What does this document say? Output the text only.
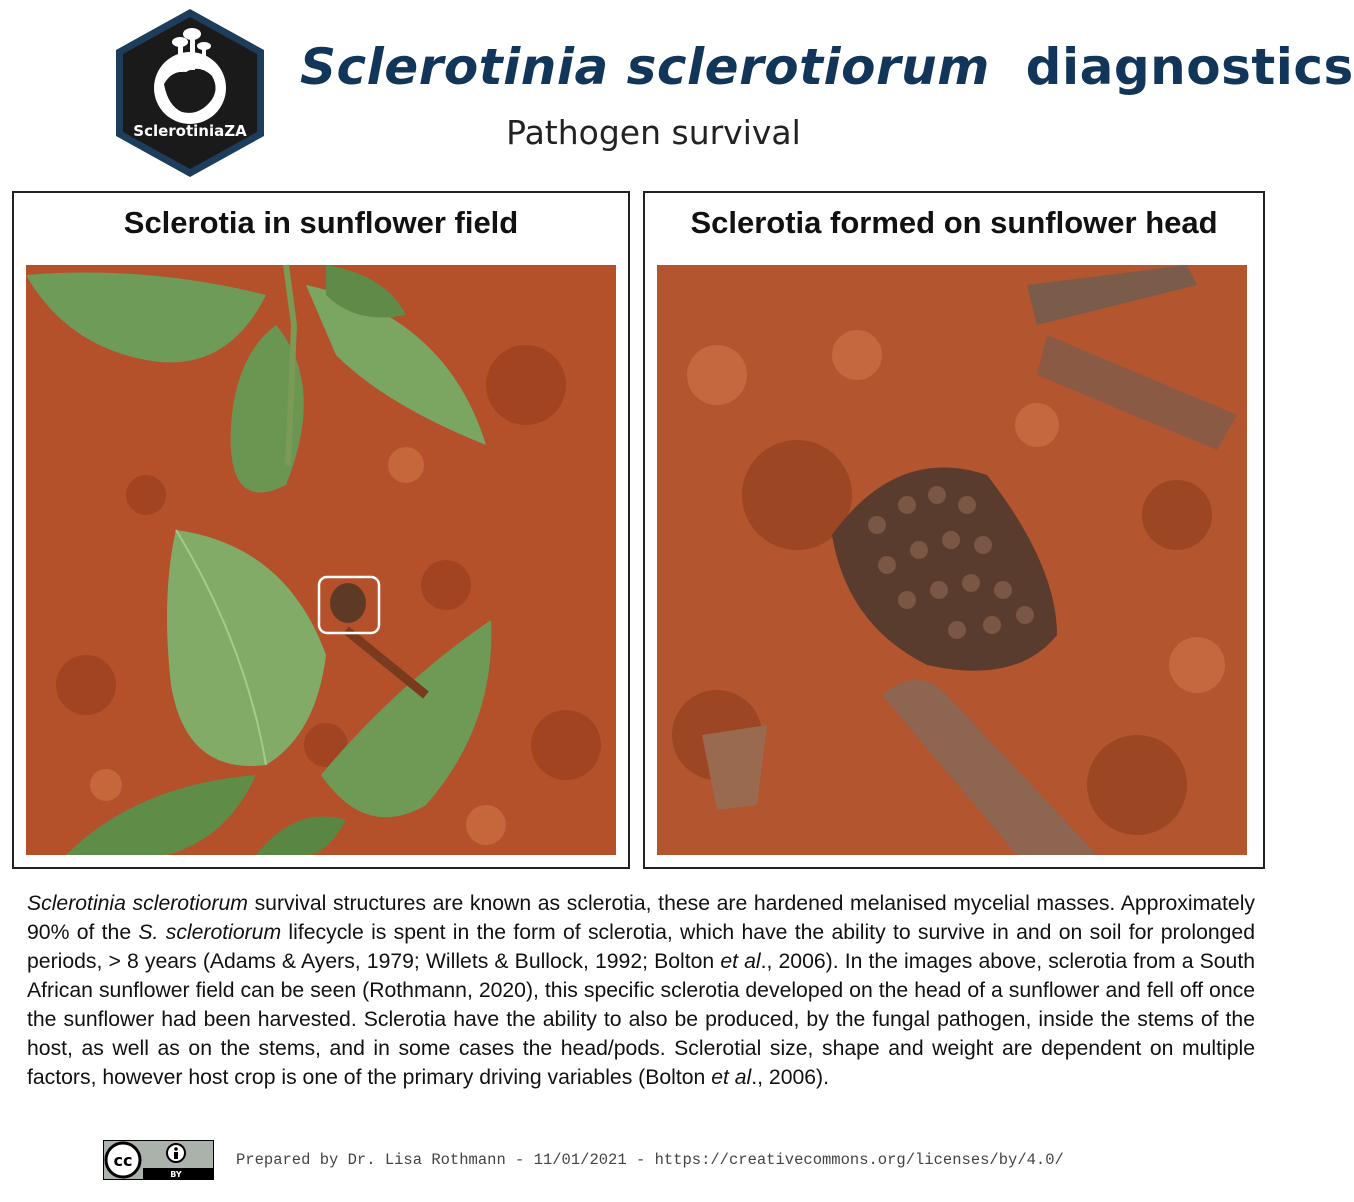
SclerotiniaZA
Sclerotinia sclerotiorum diagnostics
Pathogen survival
Sclerotia in sunflower field	Sclerotia formed on sunflower head
Sclerotinia sclerotiorum survival structures are known as sclerotia, these are hardened melanised mycelial masses. Approximately 90% of the S. sclerotiorum lifecycle is spent in the form of sclerotia, which have the ability to survive in and on soil for prolonged periods, > 8 years (Adams & Ayers, 1979; Willets & Bullock, 1992; Bolton et al., 2006). In the images above, sclerotia from a South African sunflower field can be seen (Rothmann, 2020), this specific sclerotia developed on the head of a sunflower and fell off once the sunflower had been harvested. Sclerotia have the ability to also be produced, by the fungal pathogen, inside the stems of the host, as well as on the stems, and in some cases the head/pods. Sclerotial size, shape and weight are dependent on multiple factors, however host crop is one of the primary driving variables (Bolton et al., 2006).
cc
BY
Prepared by Dr. Lisa Rothmann - 11/01/2021 - https://creativecommons.org/licenses/by/4.0/
